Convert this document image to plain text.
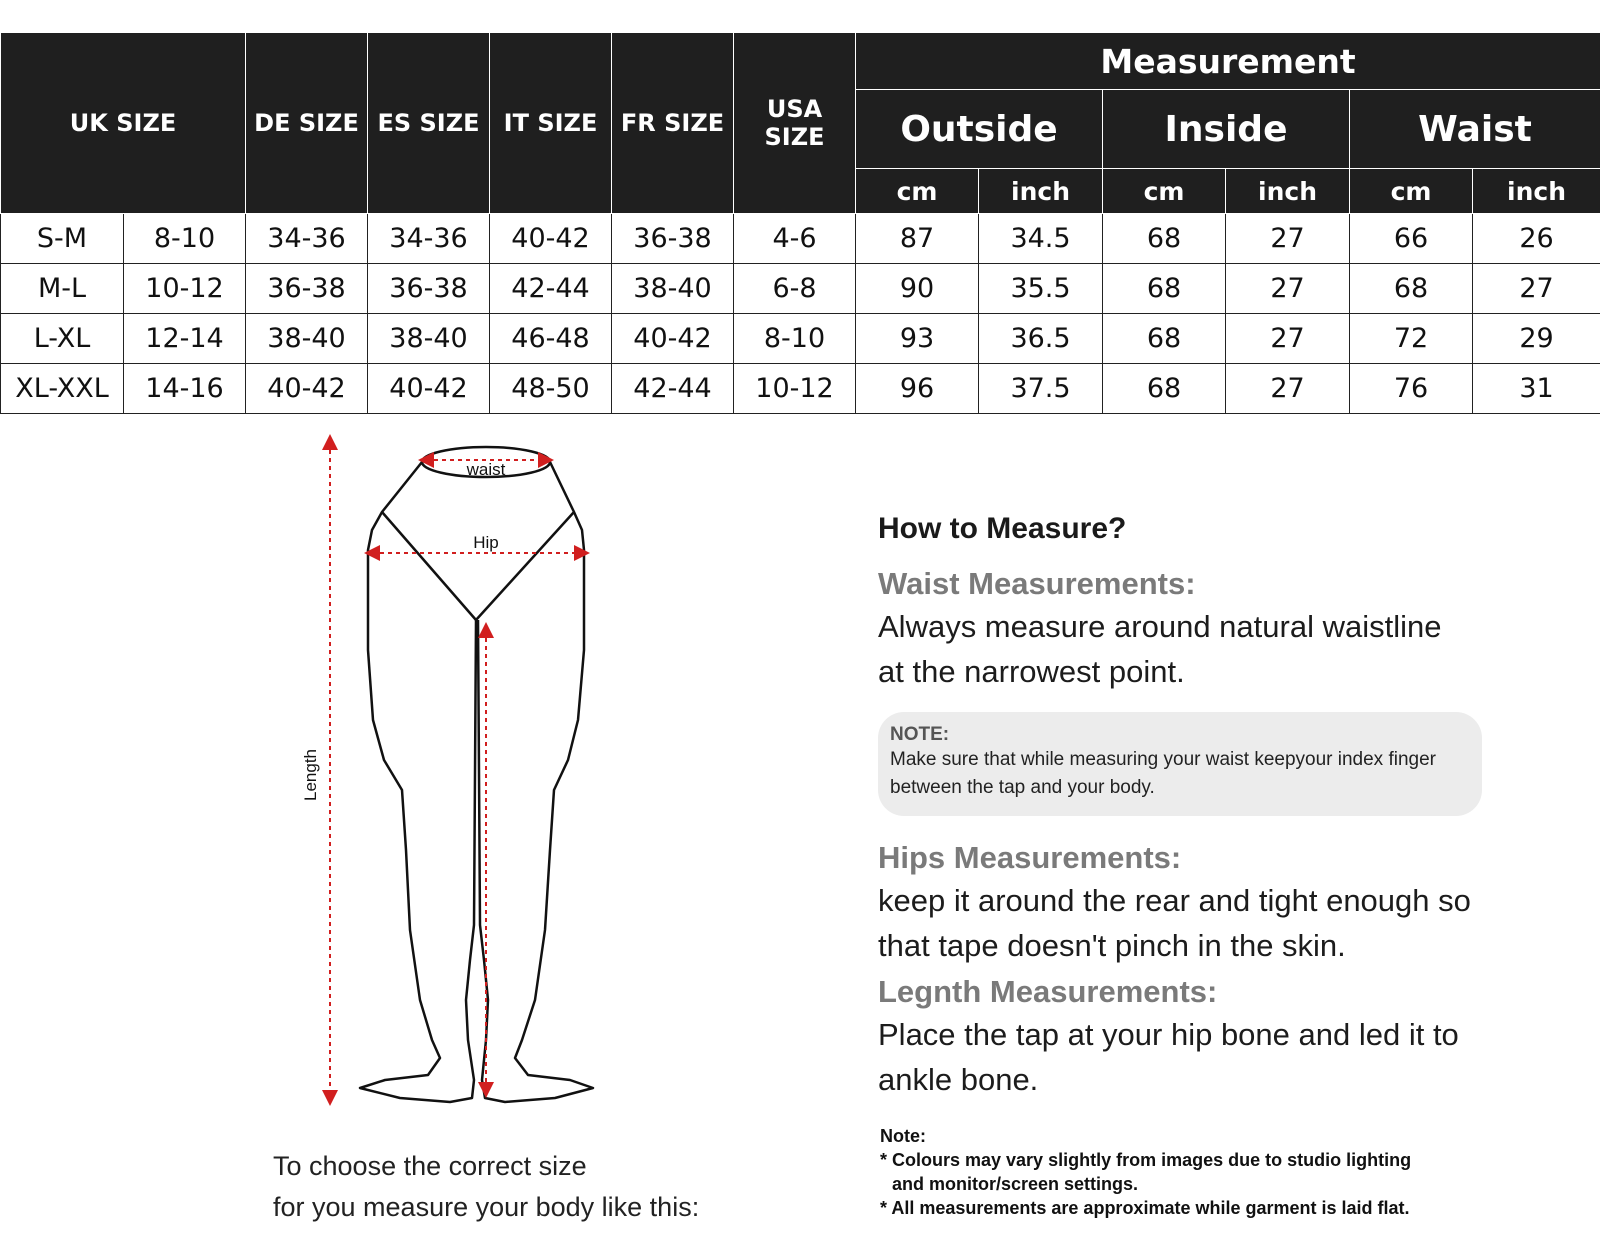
UK SIZE		DE SIZE	ES SIZE	IT SIZE	FR SIZE	USA SIZE	Measurement					
							Outside		Inside		Waist	
							cm	inch	cm	inch	cm	inch
S-M	8-10	34-36	34-36	40-42	36-38	4-6	87	34.5	68	27	66	26
M-L	10-12	36-38	36-38	42-44	38-40	6-8	90	35.5	68	27	68	27
L-XL	12-14	38-40	38-40	46-48	40-42	8-10	93	36.5	68	27	72	29
XL-XXL	14-16	40-42	40-42	48-50	42-44	10-12	96	37.5	68	27	76	31
waist
Hip
Length
To choose the correct size
for you measure your body like this:
How to Measure?

Waist Measurements:

Always measure around natural waistline

at the narrowest point.

NOTE:

Make sure that while measuring your waist keepyour index finger

between the tap and your body.

Hips Measurements:

keep it around the rear and tight enough so

that tape doesn't pinch in the skin.

Legnth Measurements:

Place the tap at your hip bone and led it to

ankle bone.

Note:

* Colours may vary slightly from images due to studio lighting

and monitor/screen settings.

* All measurements are approximate while garment is laid flat.
